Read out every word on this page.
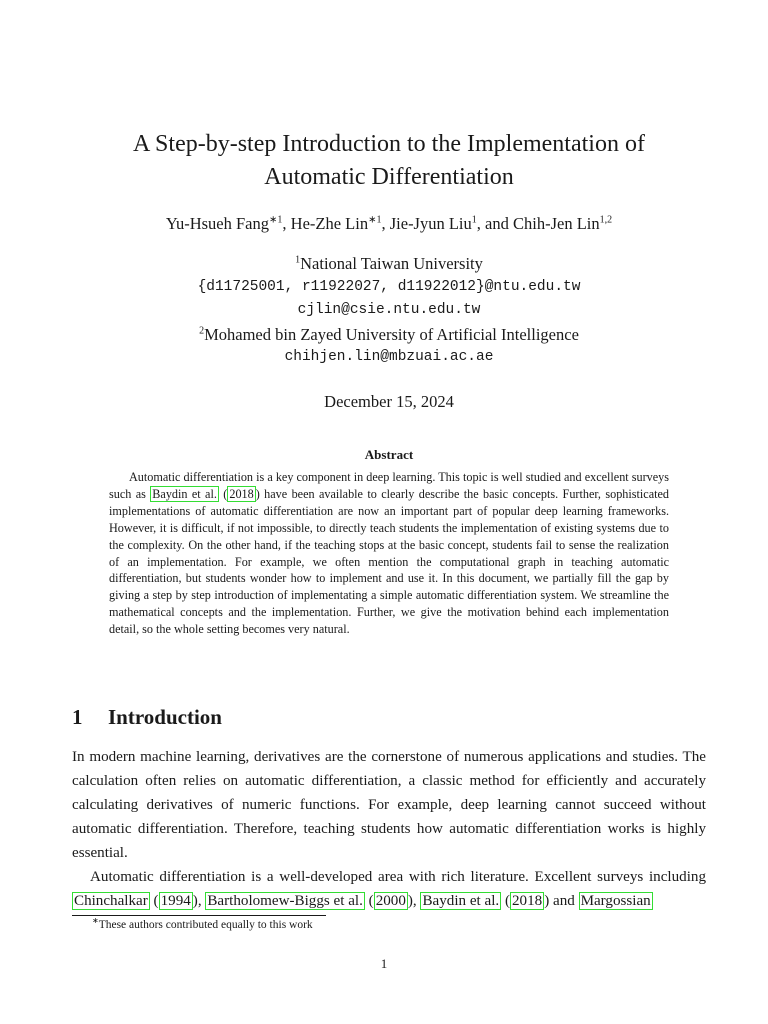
A Step-by-step Introduction to the Implementation of
Automatic Differentiation
Yu-Hsueh Fang$^{∗1}$, He-Zhe Lin$^{∗1}$, Jie-Jyun Liu$^1$, and Chih-Jen Lin$^{1,2}$
$^1$National Taiwan University
{d11725001, r11922027, d11922012}@ntu.edu.tw
cjlin@csie.ntu.edu.tw
$^2$Mohamed bin Zayed University of Artificial Intelligence
chihjen.lin@mbzuai.ac.ae
December 15, 2024
Abstract

Automatic differentiation is a key component in deep learning. This topic is well studied and excellent surveys such as Baydin et al. ( 2018 ) have been available to clearly describe the basic concepts. Further, sophisticated implementations of automatic differentiation are now an important part of popular deep learning frameworks. However, it is difficult, if not impossible, to directly teach students the implementation of existing systems due to the complexity. On the other hand, if the teaching stops at the basic concept, students fail to sense the realization of an implementation. For example, we often mention the computational graph in teaching automatic differentiation, but students wonder how to implement and use it. In this document, we partially fill the gap by giving a step by step introduction of implementating a simple automatic differentiation system. We streamline the mathematical concepts and the implementation. Further, we give the motivation behind each implementation detail, so the whole setting becomes very natural.

1 Introduction

In modern machine learning, derivatives are the cornerstone of numerous applications and studies. The calculation often relies on automatic differentiation, a classic method for efficiently and accurately calculating derivatives of numeric functions. For example, deep learning cannot succeed without automatic differentiation. Therefore, teaching students how automatic differentiation works is highly essential.

Automatic differentiation is a well-developed area with rich literature. Excellent surveys including Chinchalkar ( 1994 ), Bartholomew-Biggs et al. ( 2000 ), Baydin et al. ( 2018 ) and Margossian

∗These authors contributed equally to this work
1
